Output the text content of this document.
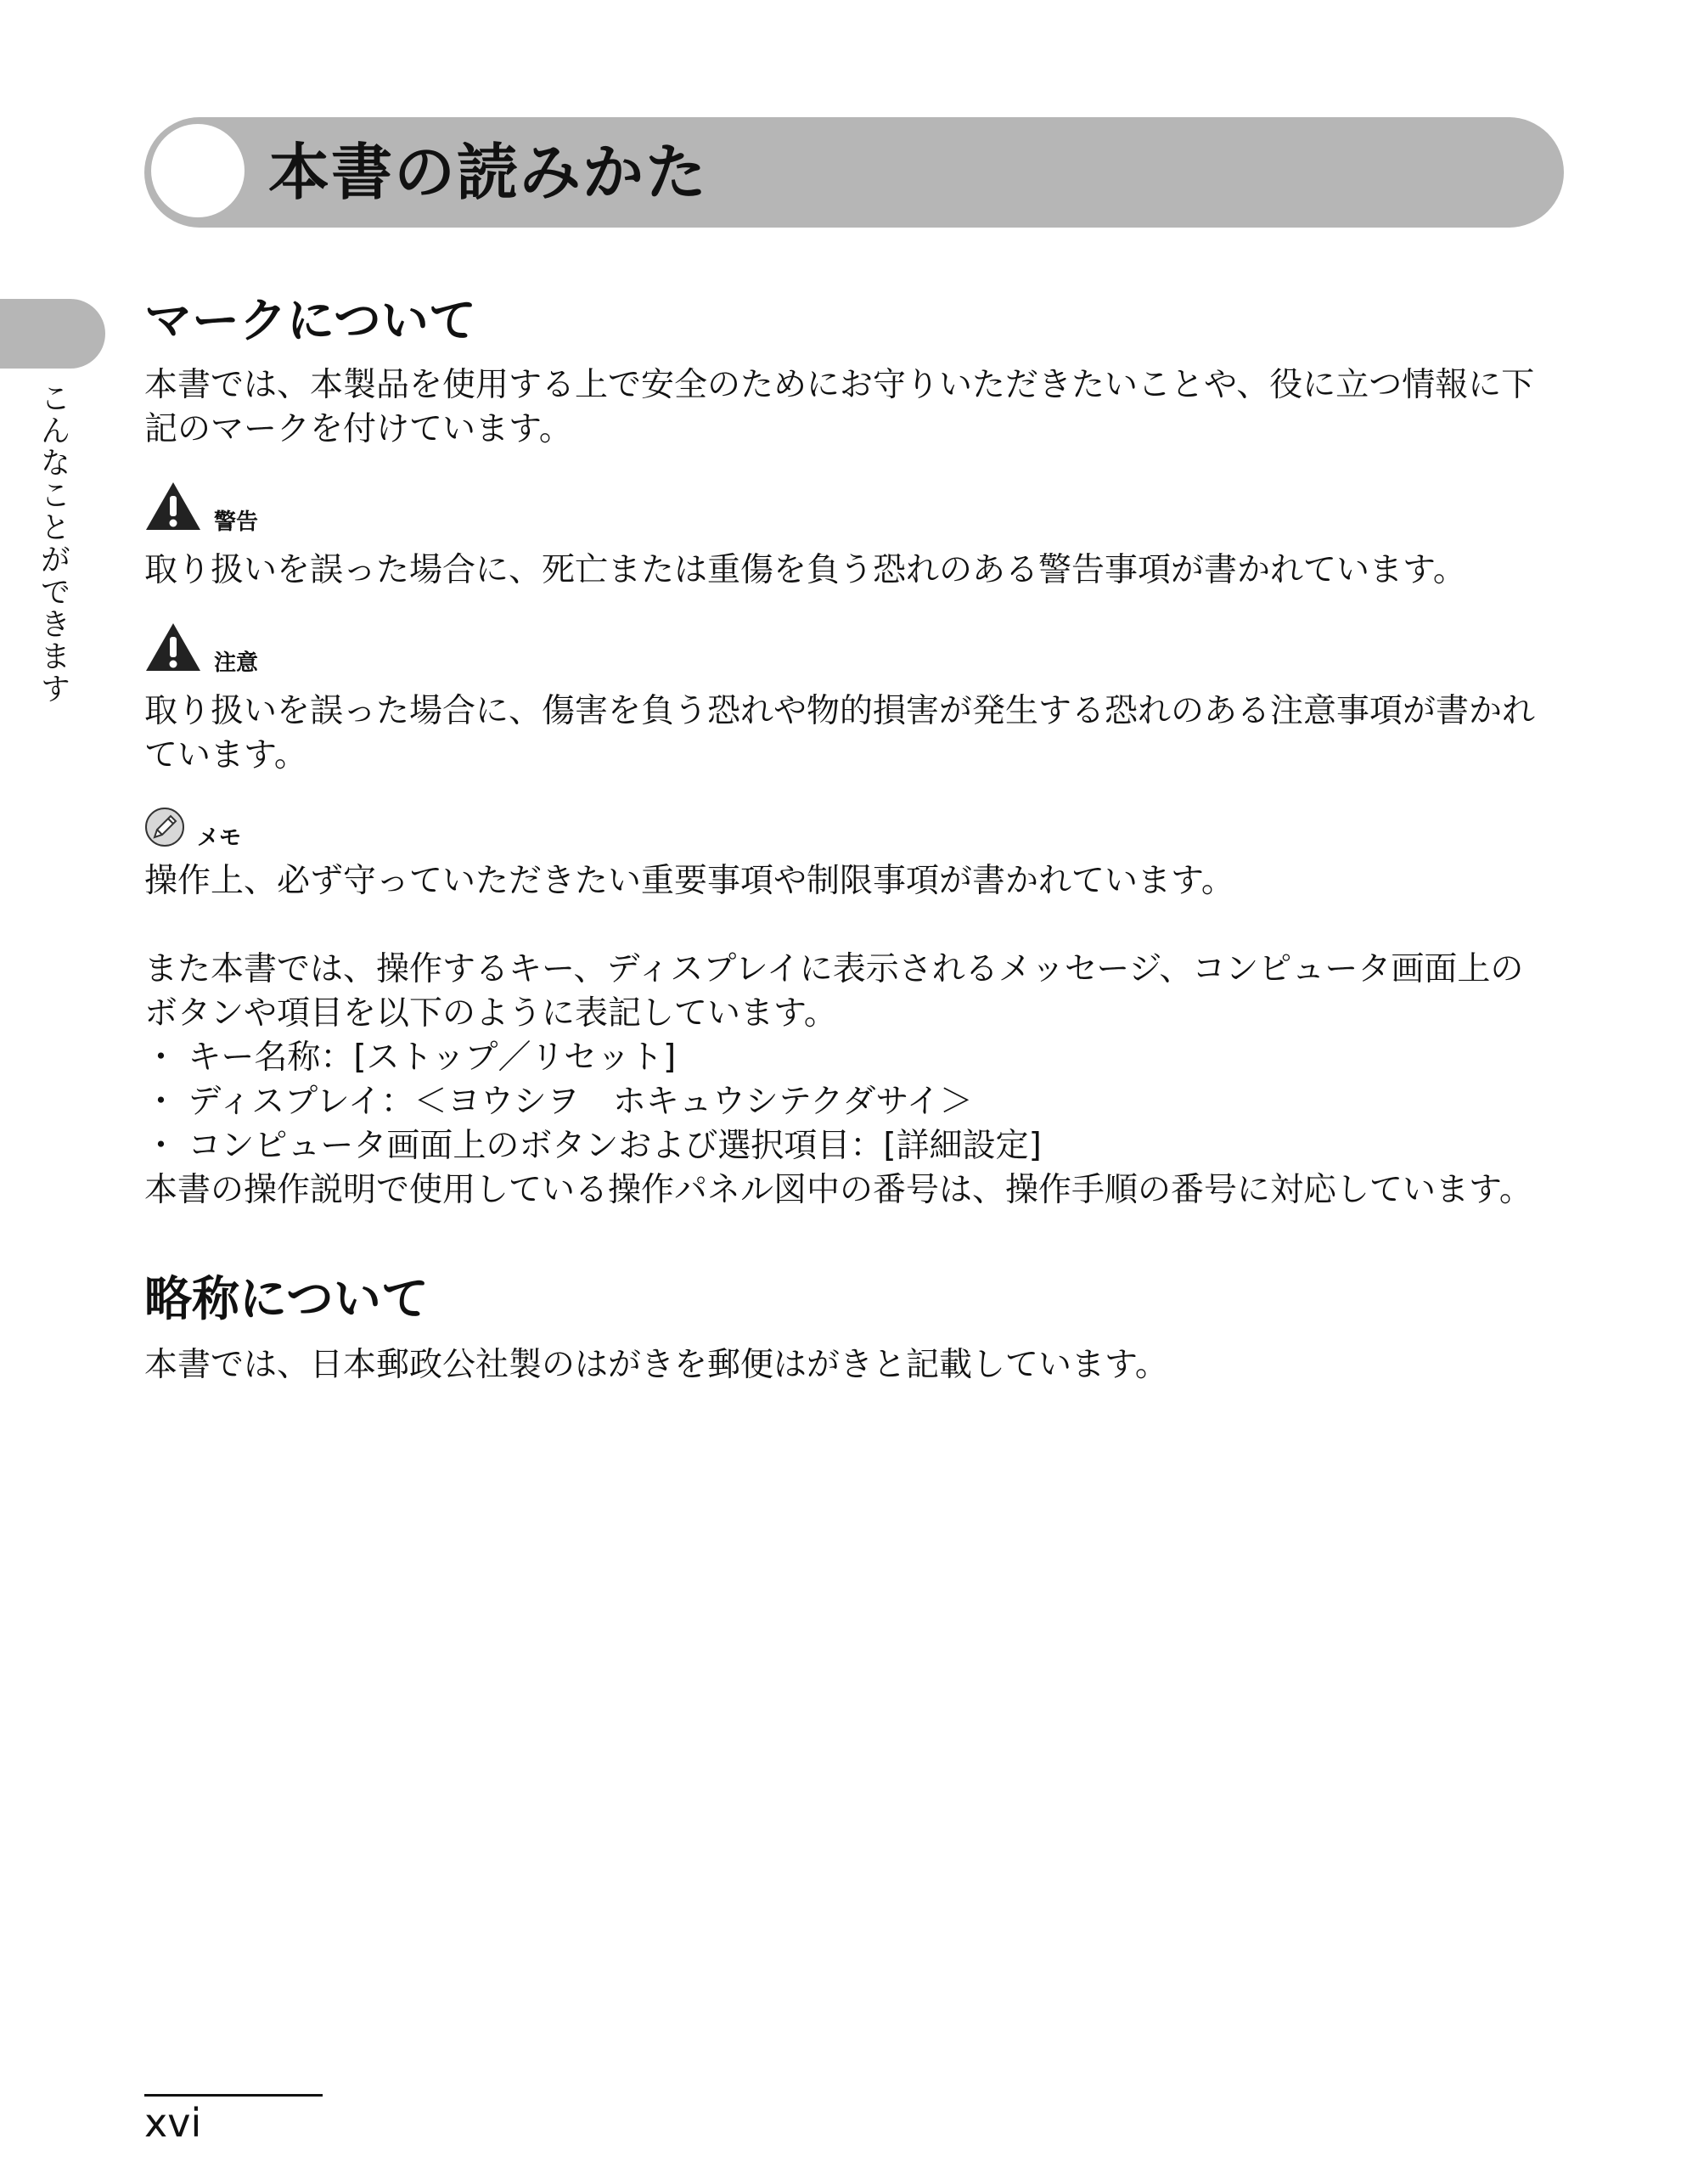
本書の読みかた
こんなことができます
マークについて
本書では、本製品を使用する上で安全のためにお守りいただきたいことや、役に立つ情報に下
記のマークを付けています。
警告
取り扱いを誤った場合に、死亡または重傷を負う恐れのある警告事項が書かれています。
注意
取り扱いを誤った場合に、傷害を負う恐れや物的損害が発生する恐れのある注意事項が書かれ
ています。
メモ
操作上、必ず守っていただきたい重要事項や制限事項が書かれています。
また本書では、操作するキー、ディスプレイに表示されるメッセージ、コンピュータ画面上の
ボタンや項目を以下のように表記しています。
・ キー名称：[ストップ／リセット]
・ ディスプレイ：＜ヨウシヲ　ホキュウシテクダサイ＞
・ コンピュータ画面上のボタンおよび選択項目：[詳細設定]
本書の操作説明で使用している操作パネル図中の番号は、操作手順の番号に対応しています。
略称について
本書では、日本郵政公社製のはがきを郵便はがきと記載しています。
xvi
